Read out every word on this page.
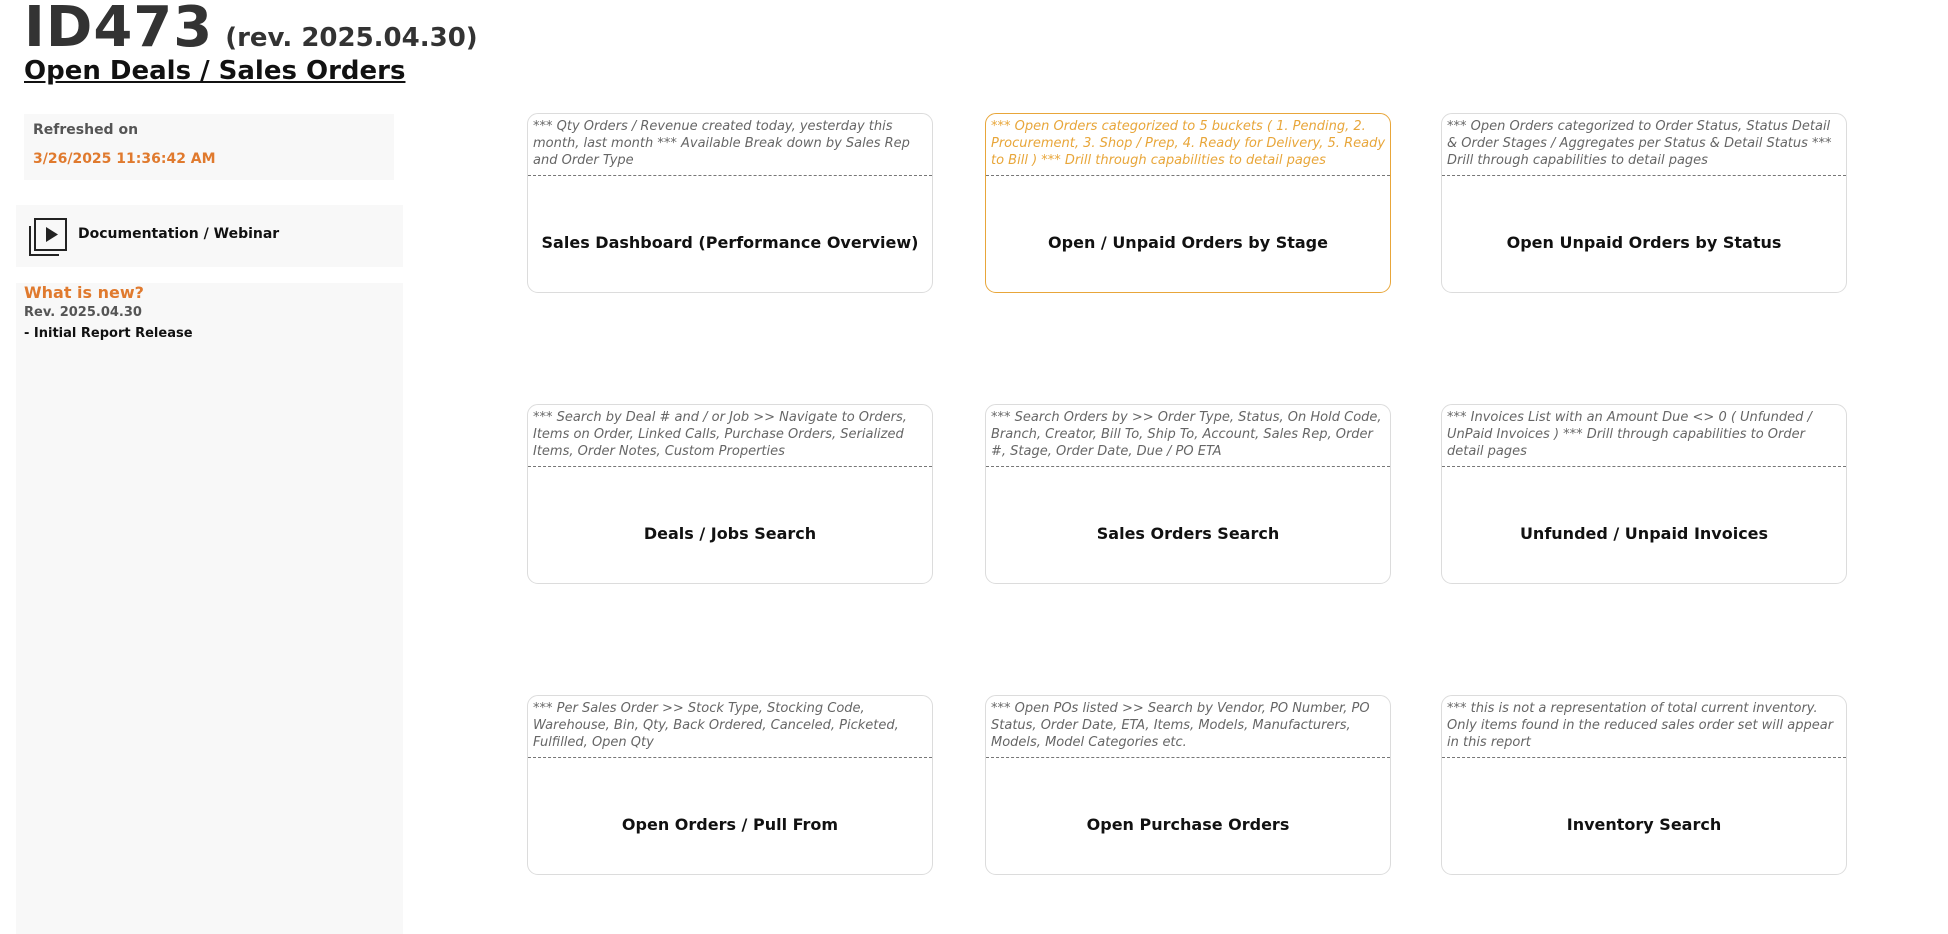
ID473 (rev. 2025.04.30)
Open Deals / Sales Orders
Refreshed on
3/26/2025 11:36:42 AM
Documentation / Webinar
What is new?
Rev. 2025.04.30
- Initial Report Release
*** Qty Orders / Revenue created today, yesterday this month, last month *** Available Break down by Sales Rep and Order Type
Sales Dashboard (Performance Overview)
*** Open Orders categorized to 5 buckets ( 1. Pending, 2. Procurement, 3. Shop / Prep, 4. Ready for Delivery, 5. Ready to Bill ) *** Drill through capabilities to detail pages
Open / Unpaid Orders by Stage
*** Open Orders categorized to Order Status, Status Detail & Order Stages / Aggregates per Status & Detail Status *** Drill through capabilities to detail pages
Open Unpaid Orders by Status
*** Search by Deal # and / or Job >> Navigate to Orders, Items on Order, Linked Calls, Purchase Orders, Serialized Items, Order Notes, Custom Properties
Deals / Jobs Search
*** Search Orders by >> Order Type, Status, On Hold Code, Branch, Creator, Bill To, Ship To, Account, Sales Rep, Order #, Stage, Order Date, Due / PO ETA
Sales Orders Search
*** Invoices List with an Amount Due <> 0 ( Unfunded / UnPaid Invoices ) *** Drill through capabilities to Order detail pages
Unfunded / Unpaid Invoices
*** Per Sales Order >> Stock Type, Stocking Code, Warehouse, Bin, Qty, Back Ordered, Canceled, Picketed, Fulfilled, Open Qty
Open Orders / Pull From
*** Open POs listed >> Search by Vendor, PO Number, PO Status, Order Date, ETA, Items, Models, Manufacturers, Models, Model Categories etc.
Open Purchase Orders
*** this is not a representation of total current inventory. Only items found in the reduced sales order set will appear in this report
Inventory Search
